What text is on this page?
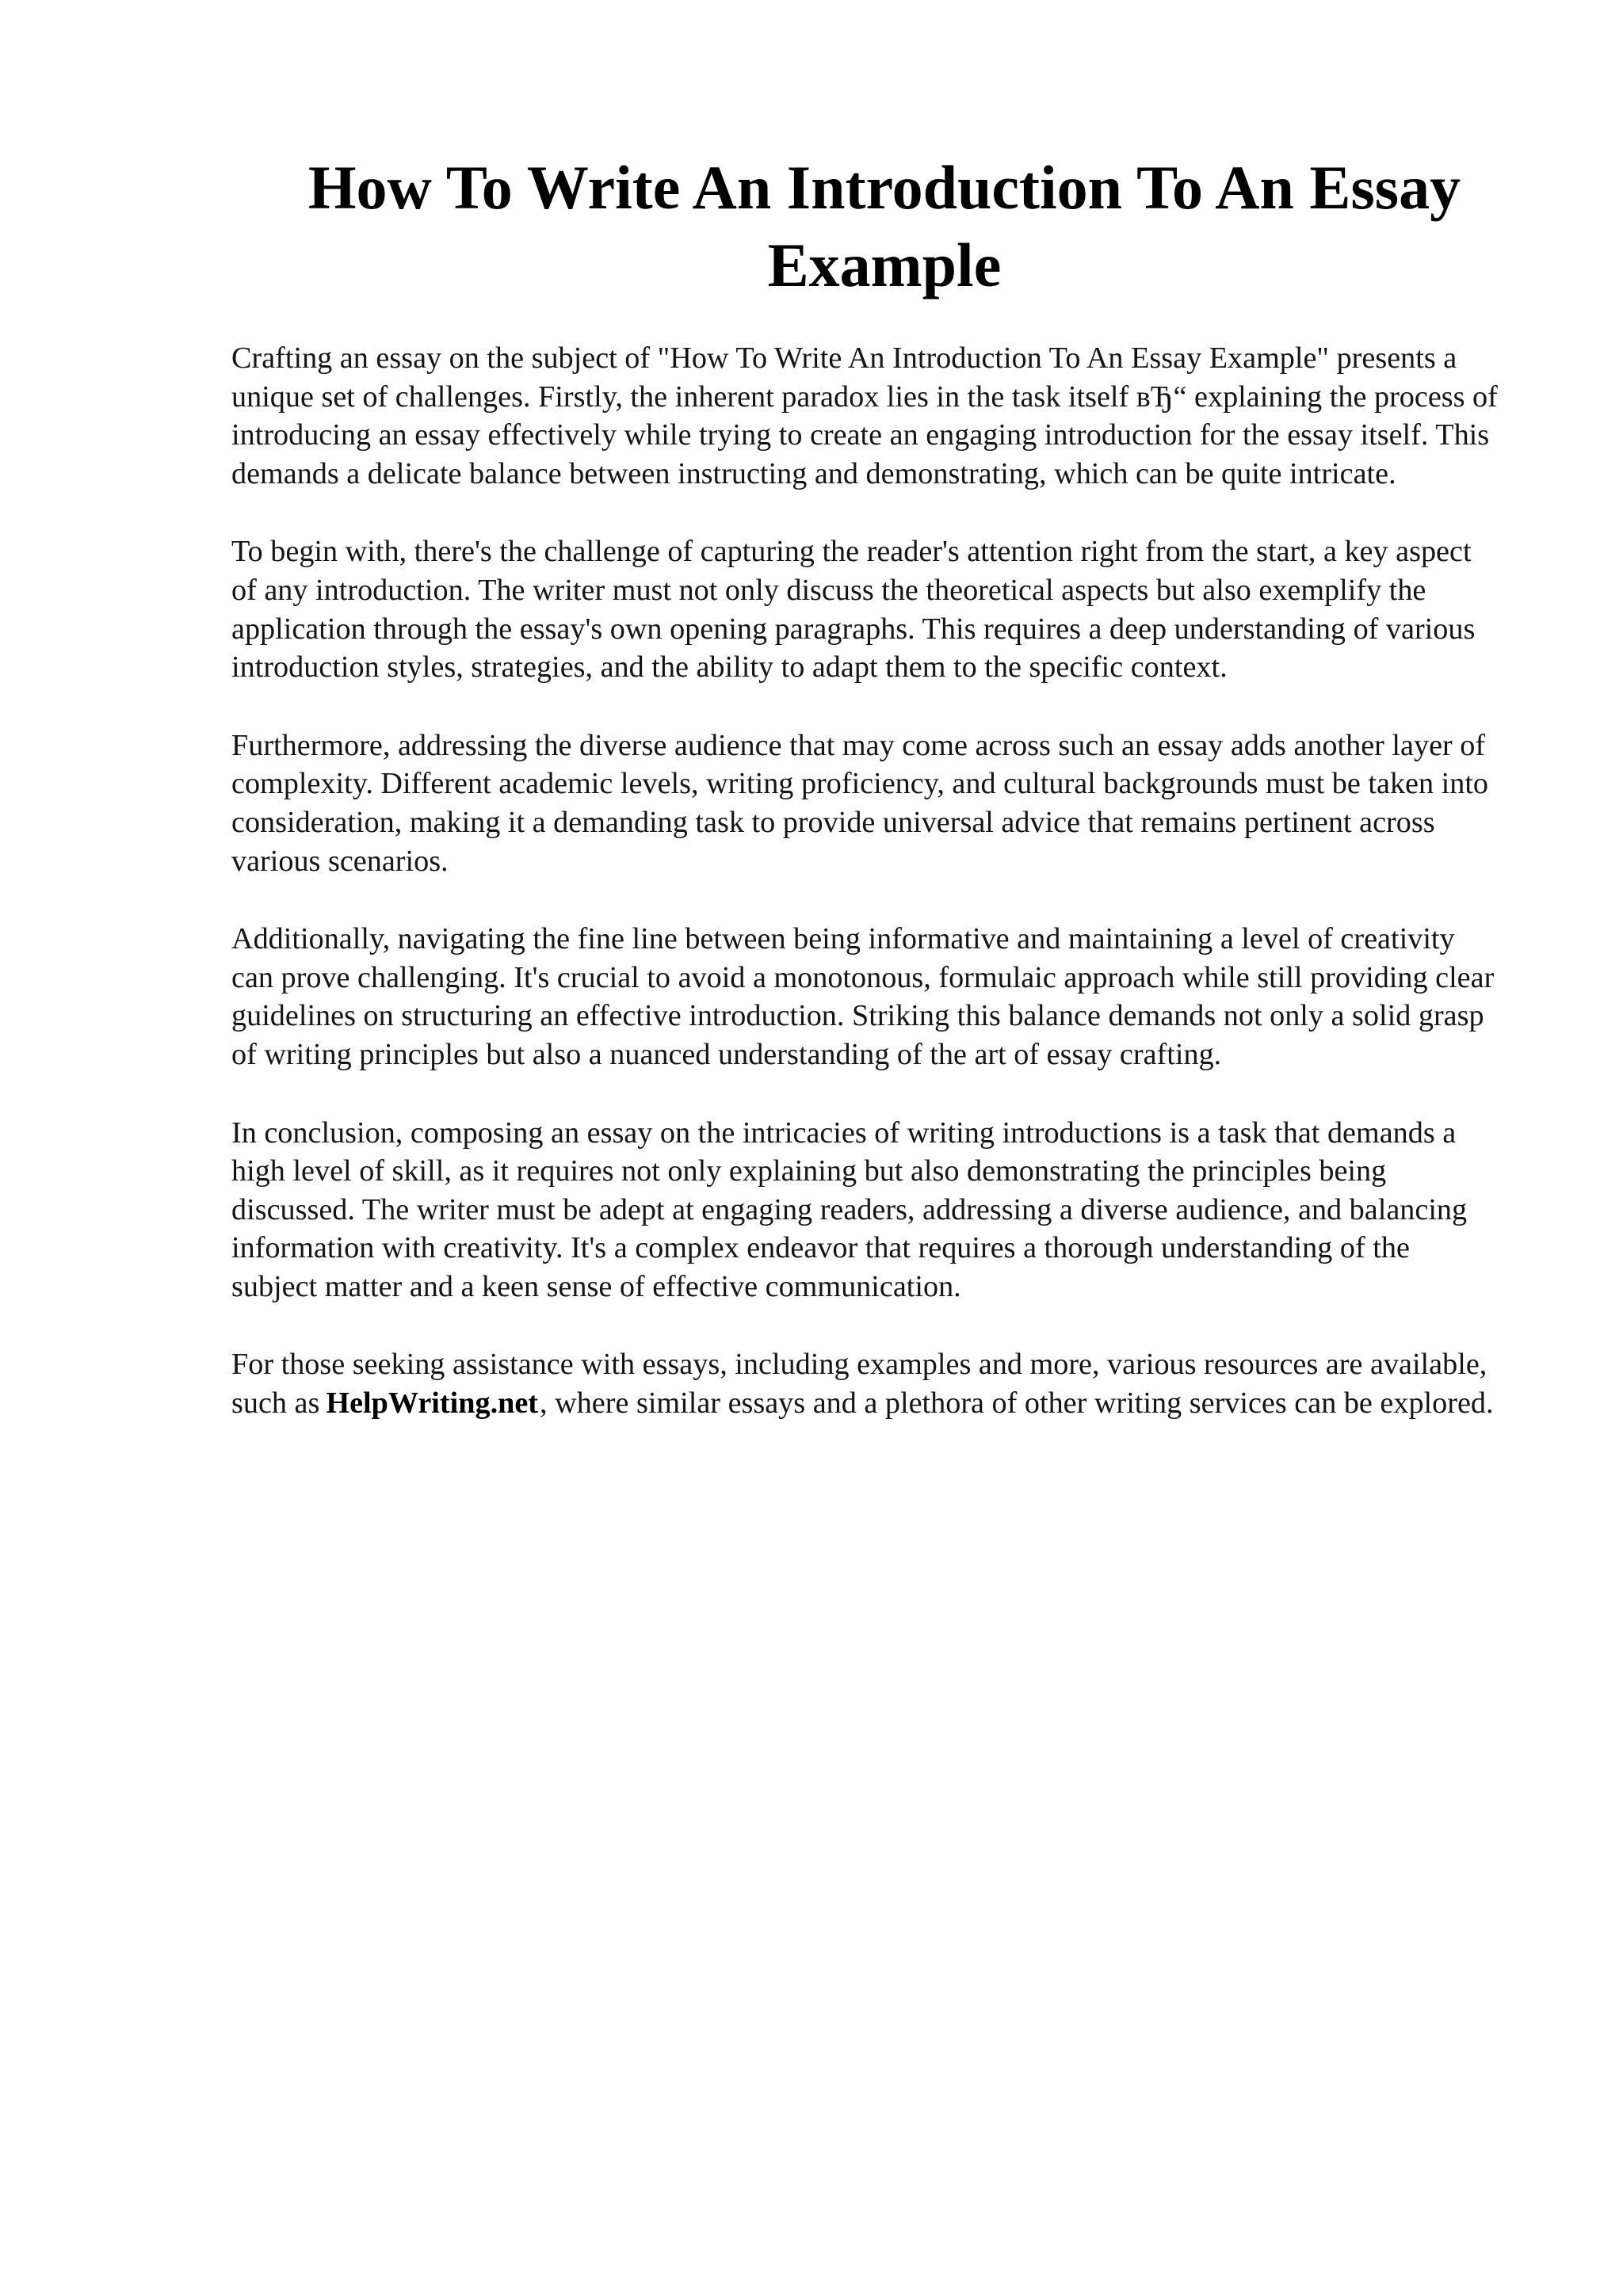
How To Write An Introduction To An Essay Example

Crafting an essay on the subject of "How To Write An Introduction To An Essay Example" presents a unique set of challenges. Firstly, the inherent paradox lies in the task itself вЂ“ explaining the process of introducing an essay effectively while trying to create an engaging introduction for the essay itself. This demands a delicate balance between instructing and demonstrating, which can be quite intricate.

To begin with, there's the challenge of capturing the reader's attention right from the start, a key aspect of any introduction. The writer must not only discuss the theoretical aspects but also exemplify the application through the essay's own opening paragraphs. This requires a deep understanding of various introduction styles, strategies, and the ability to adapt them to the specific context.

Furthermore, addressing the diverse audience that may come across such an essay adds another layer of complexity. Different academic levels, writing proficiency, and cultural backgrounds must be taken into consideration, making it a demanding task to provide universal advice that remains pertinent across various scenarios.

Additionally, navigating the fine line between being informative and maintaining a level of creativity can prove challenging. It's crucial to avoid a monotonous, formulaic approach while still providing clear guidelines on structuring an effective introduction. Striking this balance demands not only a solid grasp of writing principles but also a nuanced understanding of the art of essay crafting.

In conclusion, composing an essay on the intricacies of writing introductions is a task that demands a high level of skill, as it requires not only explaining but also demonstrating the principles being discussed. The writer must be adept at engaging readers, addressing a diverse audience, and balancing information with creativity. It's a complex endeavor that requires a thorough understanding of the subject matter and a keen sense of effective communication.

For those seeking assistance with essays, including examples and more, various resources are available, such as HelpWriting.net, where similar essays and a plethora of other writing services can be explored.
